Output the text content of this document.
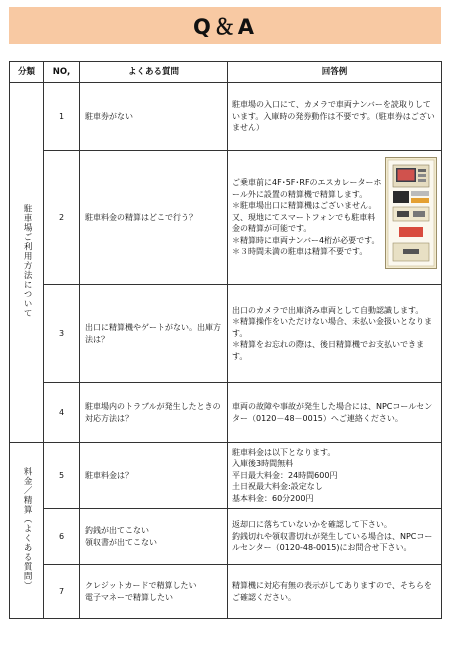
Q＆A
分類	NO,	よくある質問	回答例
駐車場ご利用方法について	1	駐車券がない	駐車場の入口にて、カメラで車両ナンバーを読取りしています。入庫時の発券動作は不要です。（駐車券はございません）

	2	駐車料金の精算はどこで行う？	ご乗車前に4F･5F･RFのエスカレーターホール外に設置の精算機で精算します。
＊駐車場出口に精算機はございません。
又、現地にてスマートフォンでも駐車料金の精算が可能です。
＊精算時に車両ナンバー4桁が必要です。
＊３時間未満の駐車は精算不要です。

	3	出口に精算機やゲートがない。出庫方法は？	出口のカメラで出庫済み車両として自動認識します。
＊精算操作をいただけない場合、未払い金扱いとなります。
＊精算をお忘れの際は、後日精算機でお支払いできます。

	4	駐車場内のトラブルが発生したときの対応方法は？	車両の故障や事故が発生した場合には、NPCコールセンター（0120－48－0015）へご連絡ください。

料金／精算（よくある質問）	5	駐車料金は？	駐車料金は以下となります。
入庫後3時間無料
平日最大料金：24時間600円
土日祝最大料金:設定なし
基本料金：60分200円

	6	釣銭が出てこない
領収書が出てこない	返却口に落ちていないかを確認して下さい。
釣銭切れや領収書切れが発生している場合は、NPCコールセンター（0120-48-0015)にお問合せ下さい。

	7	クレジットカードで精算したい
電子マネーで精算したい	精算機に対応有無の表示がしてありますので、そちらをご確認ください。
